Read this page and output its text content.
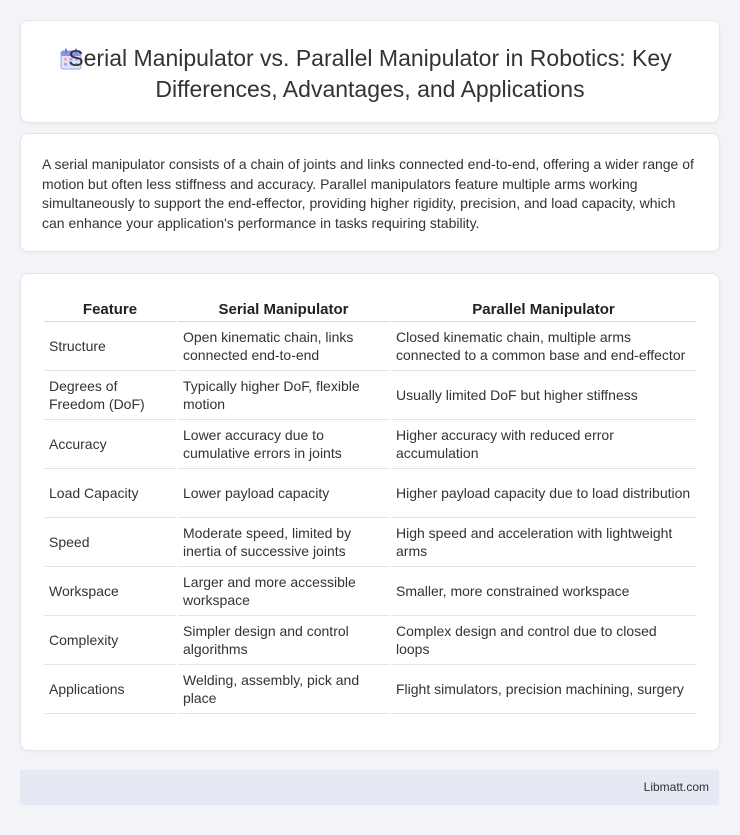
Serial Manipulator vs. Parallel Manipulator in Robotics: Key Differences, Advantages, and Applications
A serial manipulator consists of a chain of joints and links connected end-to-end, offering a wider range of motion but often less stiffness and accuracy. Parallel manipulators feature multiple arms working simultaneously to support the end-effector, providing higher rigidity, precision, and load capacity, which can enhance your application's performance in tasks requiring stability.
Feature	Serial Manipulator	Parallel Manipulator
Structure	Open kinematic chain, links connected end-to-end	Closed kinematic chain, multiple arms connected to a common base and end-effector
Degrees of Freedom (DoF)	Typically higher DoF, flexible motion	Usually limited DoF but higher stiffness
Accuracy	Lower accuracy due to cumulative errors in joints	Higher accuracy with reduced error accumulation
Load Capacity	Lower payload capacity	Higher payload capacity due to load distribution
Speed	Moderate speed, limited by inertia of successive joints	High speed and acceleration with lightweight arms
Workspace	Larger and more accessible workspace	Smaller, more constrained workspace
Complexity	Simpler design and control algorithms	Complex design and control due to closed loops
Applications	Welding, assembly, pick and place	Flight simulators, precision machining, surgery
Libmatt.com
